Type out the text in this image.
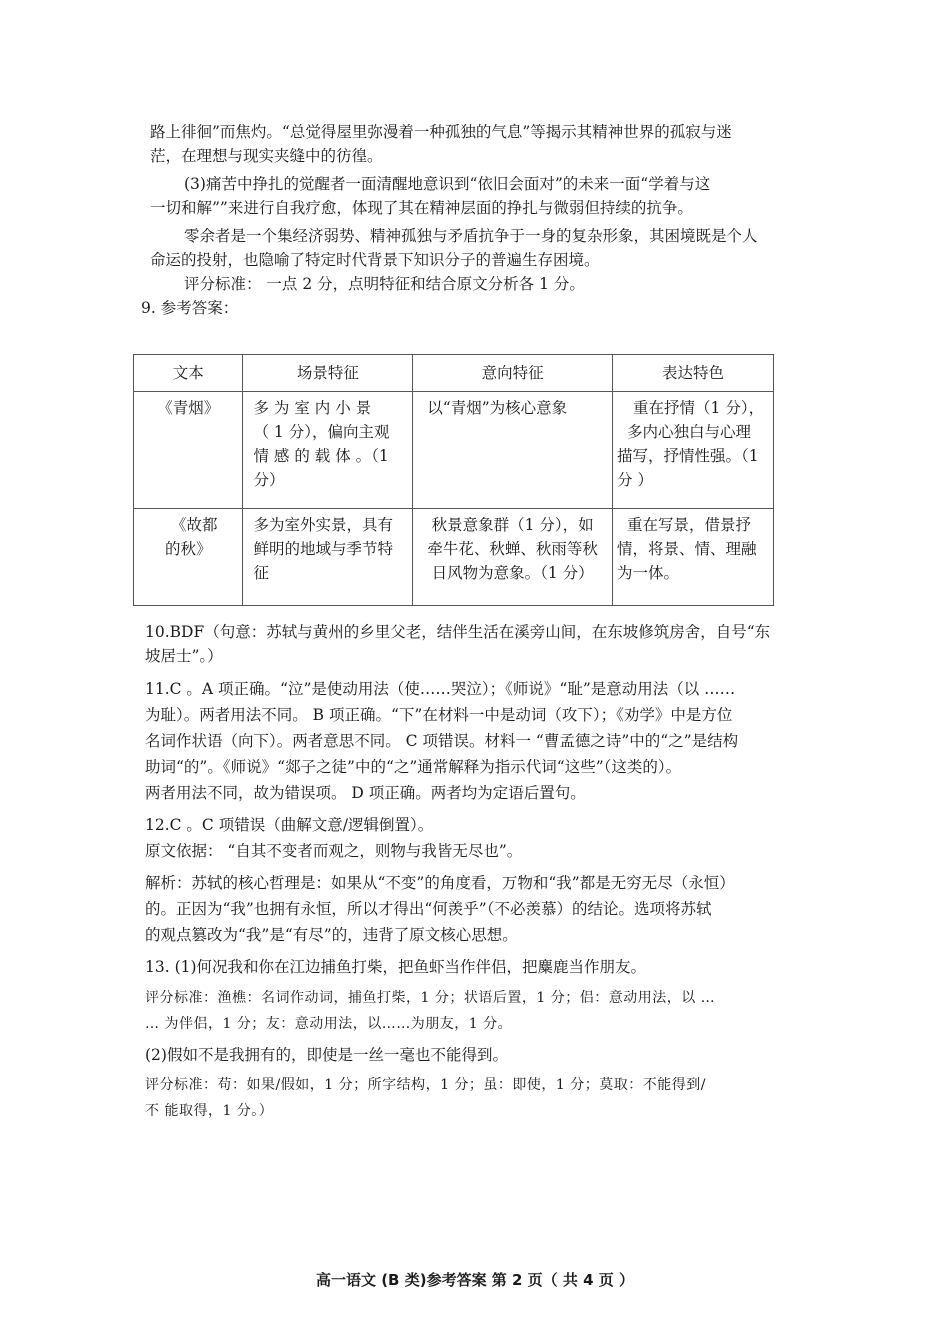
路上徘徊”而焦灼。“总觉得屋里弥漫着一种孤独的气息”等揭示其精神世界的孤寂与迷
茫，在理想与现实夹缝中的彷徨。
(3)痛苦中挣扎的觉醒者一面清醒地意识到“依旧会面对”的未来一面“学着与这
一切和解””来进行自我疗愈，体现了其在精神层面的挣扎与微弱但持续的抗争。
零余者是一个集经济弱势、精神孤独与矛盾抗争于一身的复杂形象，其困境既是个人
命运的投射，也隐喻了特定时代背景下知识分子的普遍生存困境。
评分标准： 一点 2 分，点明特征和结合原文分析各 1 分。
9. 参考答案：
文本	场景特征	意向特征	表达特色

《青烟》	多 为 室 内 小 景
（ 1 分），偏向主观
情 感 的 载 体 。（1
分）	以“青烟”为核心意象	重在抒情（1 分），
多内心独白与心理
描写，抒情性强。（1
分 ）

《故都
的秋》	多为室外实景，具有
鲜明的地域与季节特
征	秋景意象群（1 分），如
牵牛花、秋蝉、秋雨等秋
日风物为意象。（1 分）	重在写景，借景抒
情，将景、情、理融
为一体。
10.BDF（句意：苏轼与黄州的乡里父老，结伴生活在溪旁山间，在东坡修筑房舍，自号“东
坡居士”。）
11.C 。A 项正确。“泣”是使动用法（使……哭泣）；《师说》“耻”是意动用法（以 ……
为耻）。两者用法不同。 B 项正确。“下”在材料一中是动词（攻下）；《劝学》中是方位
名词作状语（向下）。两者意思不同。 C 项错误。材料一 “曹孟德之诗”中的“之”是结构
助词“的”。《师说》“郯子之徒”中的“之”通常解释为指示代词“这些”（这类的）。
两者用法不同，故为错误项。 D 项正确。两者均为定语后置句。
12.C 。C 项错误（曲解文意/逻辑倒置）。
原文依据： “自其不变者而观之，则物与我皆无尽也”。
解析：苏轼的核心哲理是：如果从“不变”的角度看，万物和“我”都是无穷无尽（永恒）
的。正因为“我”也拥有永恒，所以才得出“何羡乎”（不必羡慕）的结论。选项将苏轼
的观点篡改为“我”是“有尽”的，违背了原文核心思想。
13. (1)何况我和你在江边捕鱼打柴，把鱼虾当作伴侣，把麋鹿当作朋友。
评分标准：渔樵：名词作动词，捕鱼打柴，1 分；状语后置，1 分；侣：意动用法，以 …
… 为伴侣，1 分；友：意动用法，以……为朋友，1 分。
(2)假如不是我拥有的，即使是一丝一毫也不能得到。
评分标准：苟：如果/假如，1 分；所字结构，1 分；虽：即使，1 分；莫取：不能得到/
不 能取得，1 分。）
高一语文 (B 类)参考答案 第 2 页（ 共 4 页 ）
